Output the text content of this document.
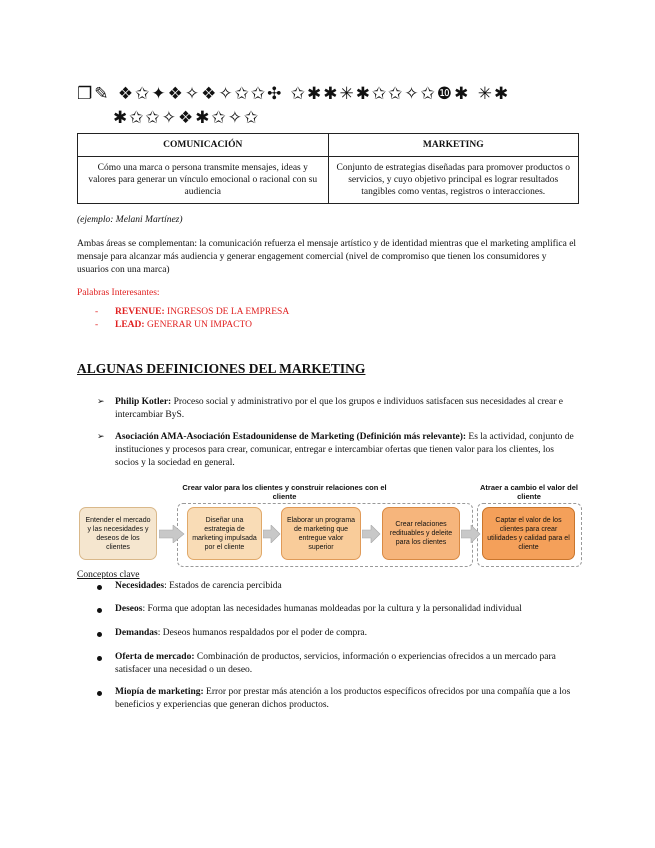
❐✎ ❖✩✦❖✧❖✧✩✩✣ ✩✱✱✳✱✩✩✧✩❿✱ ✳✱
✱✩✩✧❖✱✩✧✩
COMUNICACIÓN	MARKETING
Cómo una marca o persona transmite mensajes, ideas y valores para generar un vínculo emocional o racional con su audiencia	Conjunto de estrategias diseñadas para promover productos o servicios, y cuyo objetivo principal es lograr resultados tangibles como ventas, registros o interacciones.
(ejemplo: Melani Martínez)
Ambas áreas se complementan: la comunicación refuerza el mensaje artístico y de identidad mientras que el marketing amplifica el mensaje para alcanzar más audiencia y generar engagement comercial (nivel de compromiso que tienen los consumidores y usuarios con una marca)
Palabras Interesantes:
- REVENUE: INGRESOS DE LA EMPRESA
- LEAD: GENERAR UN IMPACTO
ALGUNAS DEFINICIONES DEL MARKETING
➢ Philip Kotler: Proceso social y administrativo por el que los grupos e individuos satisfacen sus necesidades al crear e intercambiar ByS.
➢ Asociación AMA-Asociación Estadounidense de Marketing (Definición más relevante): Es la actividad, conjunto de instituciones y procesos para crear, comunicar, entregar e intercambiar ofertas que tienen valor para los clientes, los socios y la sociedad en general.
Crear valor para los clientes y construir relaciones con el cliente
Atraer a cambio el valor del cliente
Entender el mercado y las necesidades y deseos de los clientes
Diseñar una estrategia de marketing impulsada por el cliente
Elaborar un programa de marketing que entregue valor superior
Crear relaciones redituables y deleite para los clientes
Captar el valor de los clientes para crear utilidades y calidad para el cliente
Conceptos clave
Necesidades: Estados de carencia percibida
Deseos: Forma que adoptan las necesidades humanas moldeadas por la cultura y la personalidad individual
Demandas: Deseos humanos respaldados por el poder de compra.
Oferta de mercado: Combinación de productos, servicios, información o experiencias ofrecidos a un mercado para satisfacer una necesidad o un deseo.
Miopía de marketing: Error por prestar más atención a los productos específicos ofrecidos por una compañía que a los beneficios y experiencias que generan dichos productos.
